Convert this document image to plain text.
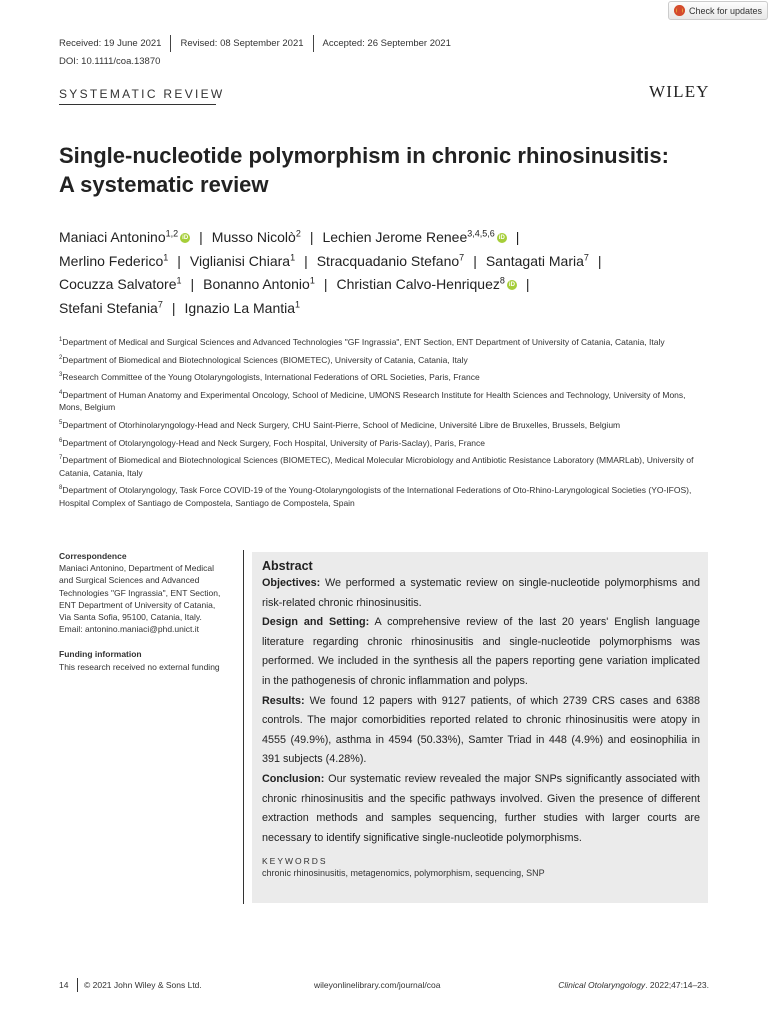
Check for updates
Received: 19 June 2021 Revised: 08 September 2021 Accepted: 26 September 2021
DOI: 10.1111/coa.13870
SYSTEMATIC REVIEW	WILEY
Single-nucleotide polymorphism in chronic rhinosinusitis:
A systematic review
Maniaci Antonino$^{1,2}$ iD | Musso Nicolò$^2$ | Lechien Jerome Renee$^{3,4,5,6}$ iD |
Merlino Federico$^1$ | Viglianisi Chiara$^1$ | Stracquadanio Stefano$^7$ | Santagati Maria$^7$ |
Cocuzza Salvatore$^1$ | Bonanno Antonio$^1$ | Christian Calvo-Henriquez$^8$ iD |
Stefani Stefania$^7$ | Ignazio La Mantia$^1$
$^1$Department of Medical and Surgical Sciences and Advanced Technologies "GF Ingrassia", ENT Section, ENT Department of University of Catania, Catania, Italy
$^2$Department of Biomedical and Biotechnological Sciences (BIOMETEC), University of Catania, Catania, Italy
$^3$Research Committee of the Young Otolaryngologists, International Federations of ORL Societies, Paris, France
$^4$Department of Human Anatomy and Experimental Oncology, School of Medicine, UMONS Research Institute for Health Sciences and Technology, University of Mons, Mons, Belgium
$^5$Department of Otorhinolaryngology-Head and Neck Surgery, CHU Saint-Pierre, School of Medicine, Université Libre de Bruxelles, Brussels, Belgium
$^6$Department of Otolaryngology-Head and Neck Surgery, Foch Hospital, University of Paris-Saclay), Paris, France
$^7$Department of Biomedical and Biotechnological Sciences (BIOMETEC), Medical Molecular Microbiology and Antibiotic Resistance Laboratory (MMARLab), University of Catania, Catania, Italy
$^8$Department of Otolaryngology, Task Force COVID-19 of the Young-Otolaryngologists of the International Federations of Oto-Rhino-Laryngological Societies (YO-IFOS), Hospital Complex of Santiago de Compostela, Santiago de Compostela, Spain
Correspondence
Maniaci Antonino, Department of Medical
and Surgical Sciences and Advanced
Technologies "GF Ingrassia", ENT Section,
ENT Department of University of Catania,
Via Santa Sofia, 95100, Catania, Italy.
Email: antonino.maniaci@phd.unict.it
Funding information
This research received no external funding
Abstract

Objectives: We performed a systematic review on single-nucleotide polymorphisms and risk-related chronic rhinosinusitis.

Design and Setting: A comprehensive review of the last 20 years' English language literature regarding chronic rhinosinusitis and single-nucleotide polymorphisms was performed. We included in the synthesis all the papers reporting gene variation implicated in the pathogenesis of chronic inflammation and polyps.

Results: We found 12 papers with 9127 patients, of which 2739 CRS cases and 6388 controls. The major comorbidities reported related to chronic rhinosinusitis were atopy in 4555 (49.9%), asthma in 4594 (50.33%), Samter Triad in 448 (4.9%) and eosinophilia in 391 subjects (4.28%).

Conclusion: Our systematic review revealed the major SNPs significantly associated with chronic rhinosinusitis and the specific pathways involved. Given the presence of different extraction methods and samples sequencing, further studies with larger courts are necessary to identify significative single-nucleotide polymorphisms.

KEYWORDS
chronic rhinosinusitis, metagenomics, polymorphism, sequencing, SNP
14 © 2021 John Wiley & Sons Ltd.	wileyonlinelibrary.com/journal/coa	Clinical Otolaryngology. 2022;47:14–23.
